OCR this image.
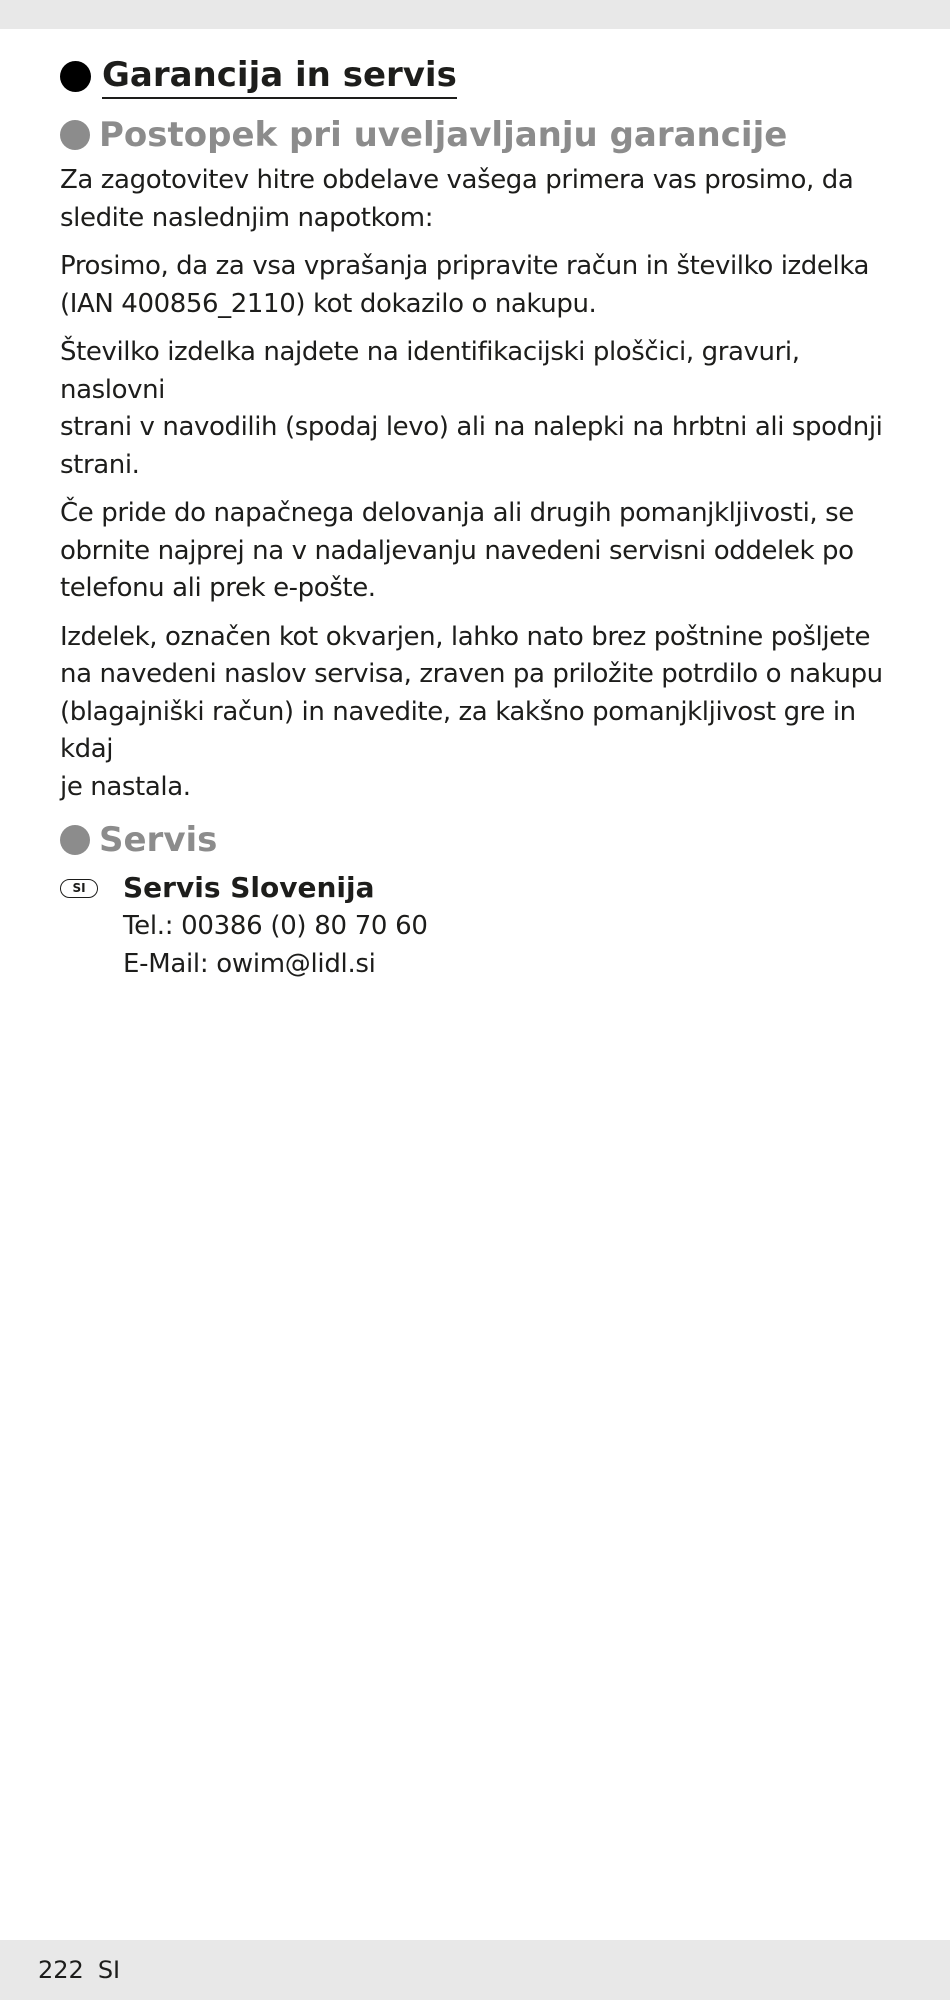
Garancija in servis
Postopek pri uveljavljanju garancije

Za zagotovitev hitre obdelave vašega primera vas prosimo, da
sledite naslednjim napotkom:

Prosimo, da za vsa vprašanja pripravite račun in številko izdelka
(IAN 400856_2110) kot dokazilo o nakupu.

Številko izdelka najdete na identifikacijski ploščici, gravuri, naslovni
strani v navodilih (spodaj levo) ali na nalepki na hrbtni ali spodnji
strani.

Če pride do napačnega delovanja ali drugih pomanjkljivosti, se
obrnite najprej na v nadaljevanju navedeni servisni oddelek po
telefonu ali prek e-pošte.

Izdelek, označen kot okvarjen, lahko nato brez poštnine pošljete
na navedeni naslov servisa, zraven pa priložite potrdilo o nakupu
(blagajniški račun) in navedite, za kakšno pomanjkljivost gre in kdaj
je nastala.

Servis
SI	Servis Slovenija
Tel.: 00386 (0) 80 70 60
E-Mail: owim@lidl.si
222 SI
